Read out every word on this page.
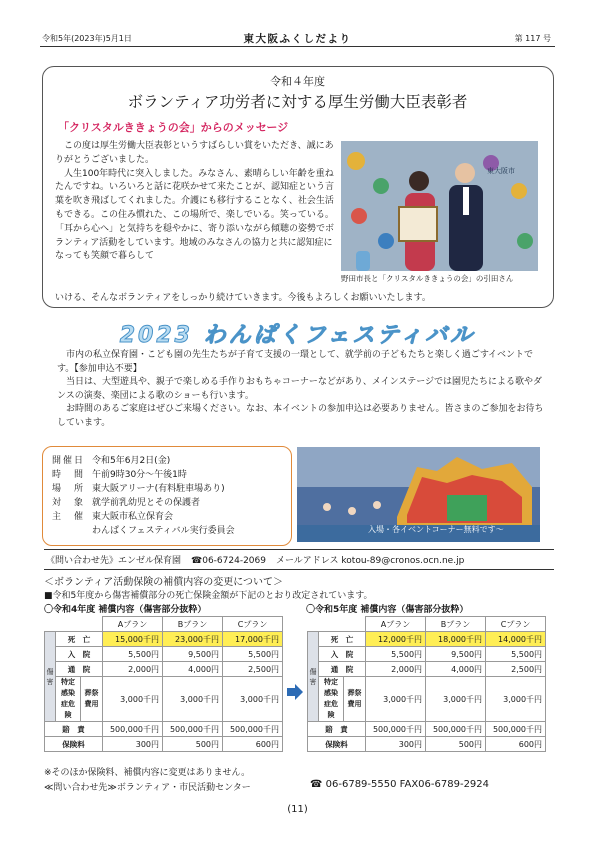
令和5年(2023年)5月1日	東大阪ふくしだより	第 117 号
令和４年度
ボランティア功労者に対する厚生労働大臣表彰者
「クリスタルききょうの会」からのメッセージ

この度は厚生労働大臣表彰というすばらしい賞をいただき、誠にありがとうございました。

人生100年時代に突入しました。みなさん、素晴らしい年齢を重ねたんですね。いろいろと話に花咲かせて来たことが、認知症という言葉を吹き飛ばしてくれました。介護にも移行することなく、社会生活もできる。この住み慣れた、この場所で、楽しでいる。笑っている。「耳から心へ」と気持ちを穏やかに、寄り添いながら傾聴の姿勢でボランティア活動をしています。地域のみなさんの協力と共に認知症になっても笑顔で暮らして

いける、そんなボランティアをしっかり続けていきます。今後もよろしくお願いいたします。
東大阪市
野田市長と「クリスタルききょうの会」の引田さん
2023 わんぱくフェスティバル

市内の私立保育園・こども園の先生たちが子育て支援の一環として、就学前の子どもたちと楽しく過ごすイベントです。【参加申込不要】

当日は、大型遊具や、親子で楽しめる手作りおもちゃコーナーなどがあり、メインステージでは園児たちによる歌やダンスの演奏、楽団による歌のショーも行います。

お時間のあるご家庭はぜひご来場ください。なお、本イベントの参加申込は必要ありません。皆さまのご参加をお待ちしています。

開催日 令和5年6月2日(金)
時　間 午前9時30分～午後1時
場　所 東大阪アリーナ(有料駐車場あり)
対　象 就学前乳幼児とその保護者
主　催 東大阪市私立保育会
わんぱくフェスティバル実行委員会	入場・各イベントコーナー無料です～
《問い合わせ先》エンゼル保育園 ☎06-6724-2069 メールアドレス kotou-89@cronos.ocn.ne.jp
＜ボランティア活動保険の補償内容の変更について＞
■令和5年度から傷害補償部分の死亡保険金額が下記のとおり改定されています。
〇令和4年度 補償内容（傷害部分抜粋）	〇令和5年度 補償内容（傷害部分抜粋）
			Aプラン	Bプラン	Cプラン
傷害	死　亡		15,000千円	23,000千円	17,000千円
	入　院		5,500円	9,500円	5,500円
	通　院		2,000円	4,000円	2,500円
	特定感染症危険	葬祭費用	3,000千円	3,000千円	3,000千円
賠　責			500,000千円	500,000千円	500,000千円
保険料			300円	500円	600円
			Aプラン	Bプラン	Cプラン
傷害	死　亡		12,000千円	18,000千円	14,000千円
	入　院		5,500円	9,500円	5,500円
	通　院		2,000円	4,000円	2,500円
	特定感染症危険	葬祭費用	3,000千円	3,000千円	3,000千円
賠　責			500,000千円	500,000千円	500,000千円
保険料			300円	500円	600円
※そのほか保険料、補償内容に変更はありません。
≪問い合わせ先≫ボランティア・市民活動センター	☎ 06-6789-5550 FAX06-6789-2924
(11)
